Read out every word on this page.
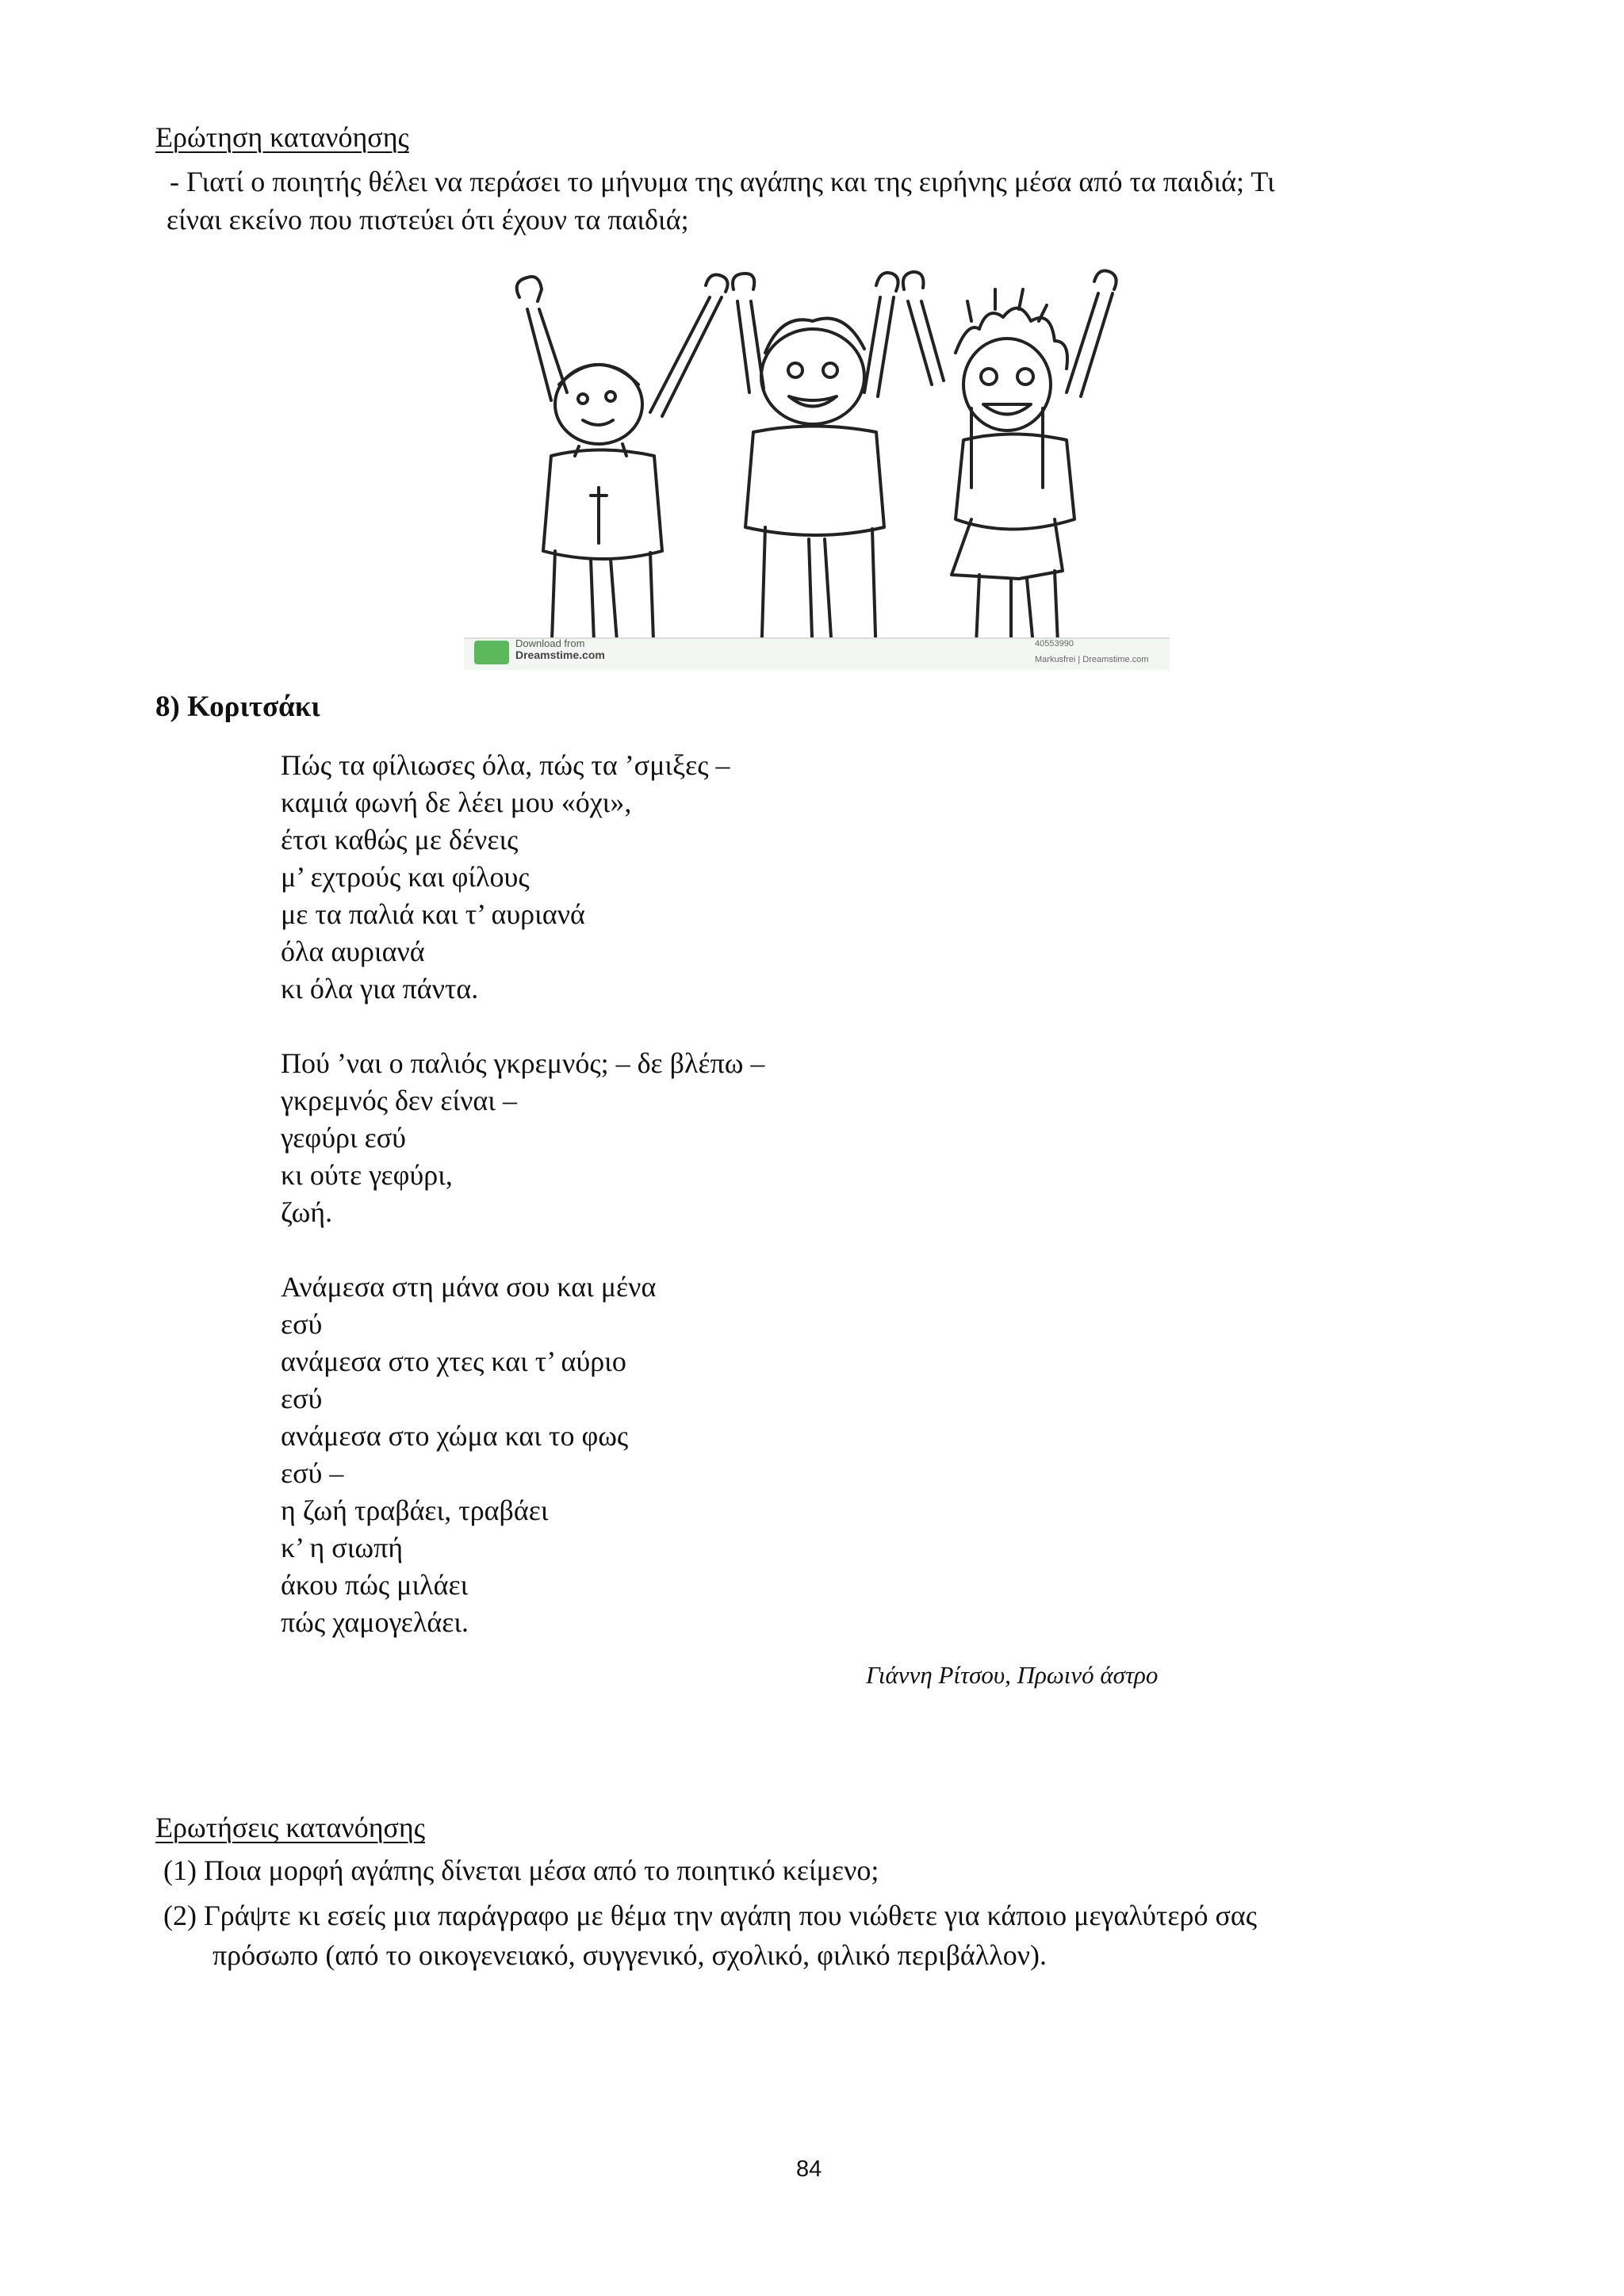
Ερώτηση κατανόησης
- Γιατί ο ποιητής θέλει να περάσει το μήνυμα της αγάπης και της ειρήνης μέσα από τα παιδιά; Τι
είναι εκείνο που πιστεύει ότι έχουν τα παιδιά;
Download from
Dreamstime.com
40553990
Markusfrei | Dreamstime.com
8) Κοριτσάκι
Πώς τα φίλιωσες όλα, πώς τα ’σμιξες –
καμιά φωνή δε λέει μου «όχι»,
έτσι καθώς με δένεις
μ’ εχτρούς και φίλους
με τα παλιά και τ’ αυριανά
όλα αυριανά
κι όλα για πάντα.
Πού ’ναι ο παλιός γκρεμνός; – δε βλέπω –
γκρεμνός δεν είναι –
γεφύρι εσύ
κι ούτε γεφύρι,
ζωή.
Ανάμεσα στη μάνα σου και μένα
εσύ
ανάμεσα στο χτες και τ’ αύριο
εσύ
ανάμεσα στο χώμα και το φως
εσύ –
η ζωή τραβάει, τραβάει
κ’ η σιωπή
άκου πώς μιλάει
πώς χαμογελάει.
Γιάννη Ρίτσου, Πρωινό άστρο
Ερωτήσεις κατανόησης
(1) Ποια μορφή αγάπης δίνεται μέσα από το ποιητικό κείμενο;
(2) Γράψτε κι εσείς μια παράγραφο με θέμα την αγάπη που νιώθετε για κάποιο μεγαλύτερό σας
πρόσωπο (από το οικογενειακό, συγγενικό, σχολικό, φιλικό περιβάλλον).
84
